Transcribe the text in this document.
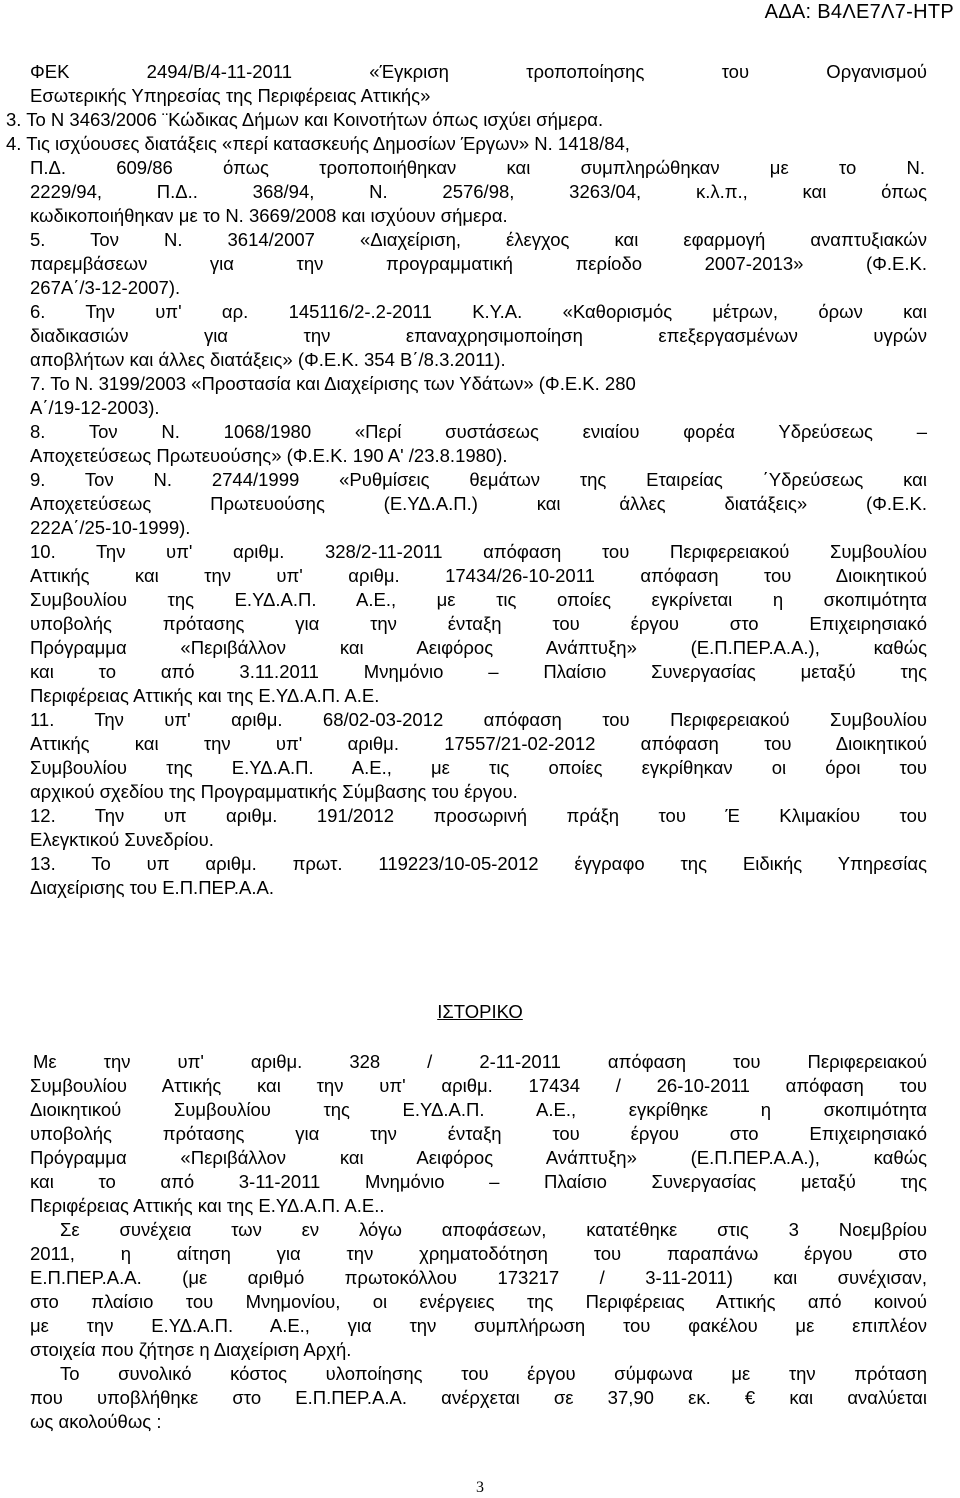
ΑΔΑ: Β4ΛΕ7Λ7-ΗΤΡ
ΦΕΚ 2494/Β/4-11-2011 «Έγκριση τροποποίησης του Οργανισμού
Εσωτερικής Υπηρεσίας της Περιφέρειας Αττικής»
3. Το Ν 3463/2006 ¨Κώδικας Δήμων και Κοινοτήτων όπως ισχύει σήμερα.
4. Τις ισχύουσες διατάξεις «περί κατασκευής Δημοσίων Έργων» Ν. 1418/84,
Π.Δ. 609/86 όπως τροποποιήθηκαν και συμπληρώθηκαν με το Ν.
2229/94, Π.Δ.. 368/94, Ν. 2576/98, 3263/04, κ.λ.π., και όπως
κωδικοποιήθηκαν με το Ν. 3669/2008 και ισχύουν σήμερα.
5. Τον Ν. 3614/2007 «Διαχείριση, έλεγχος και εφαρμογή αναπτυξιακών
παρεμβάσεων για την προγραμματική περίοδο 2007-2013» (Φ.Ε.Κ.
267Α΄/3-12-2007).
6. Την υπ' αρ. 145116/2-.2-2011 Κ.Υ.Α. «Καθορισμός μέτρων, όρων και
διαδικασιών για την επαναχρησιμοποίηση επεξεργασμένων υγρών
αποβλήτων και άλλες διατάξεις» (Φ.Ε.Κ. 354 Β΄/8.3.2011).
7. Το Ν. 3199/2003 «Προστασία και Διαχείρισης των Υδάτων» (Φ.Ε.Κ. 280
Α΄/19-12-2003).
8. Τον Ν. 1068/1980 «Περί συστάσεως ενιαίου φορέα Υδρεύσεως –
Αποχετεύσεως Πρωτευούσης» (Φ.Ε.Κ. 190 Α' /23.8.1980).
9. Τον Ν. 2744/1999 «Ρυθμίσεις θεμάτων της Εταιρείας ΄Υδρεύσεως και
Αποχετεύσεως Πρωτευούσης (Ε.ΥΔ.Α.Π.) και άλλες διατάξεις» (Φ.Ε.Κ.
222Α΄/25-10-1999).
10. Την υπ' αριθμ. 328/2-11-2011 απόφαση του Περιφερειακού Συμβουλίου
Αττικής και την υπ' αριθμ. 17434/26-10-2011 απόφαση του Διοικητικού
Συμβουλίου της Ε.ΥΔ.Α.Π. Α.Ε., με τις οποίες εγκρίνεται η σκοπιμότητα
υποβολής πρότασης για την ένταξη του έργου στο Επιχειρησιακό
Πρόγραμμα «Περιβάλλον και Αειφόρος Ανάπτυξη» (Ε.Π.ΠΕΡ.Α.Α.), καθώς
και το από 3.11.2011 Μνημόνιο – Πλαίσιο Συνεργασίας μεταξύ της
Περιφέρειας Αττικής και της Ε.ΥΔ.Α.Π. Α.Ε.
11. Την υπ' αριθμ. 68/02-03-2012 απόφαση του Περιφερειακού Συμβουλίου
Αττικής και την υπ' αριθμ. 17557/21-02-2012 απόφαση του Διοικητικού
Συμβουλίου της Ε.ΥΔ.Α.Π. Α.Ε., με τις οποίες εγκρίθηκαν οι όροι του
αρχικού σχεδίου της Προγραμματικής Σύμβασης του έργου.
12. Την υπ αριθμ. 191/2012 προσωρινή πράξη του Έ Κλιμακίου του
Ελεγκτικού Συνεδρίου.
13. Το υπ αριθμ. πρωτ. 119223/10-05-2012 έγγραφο της Ειδικής Υπηρεσίας
Διαχείρισης του Ε.Π.ΠΕΡ.Α.Α.
ΙΣΤΟΡΙΚΟ
Με την υπ' αριθμ. 328 / 2-11-2011 απόφαση του Περιφερειακού
Συμβουλίου Αττικής και την υπ' αριθμ. 17434 / 26-10-2011 απόφαση του
Διοικητικού Συμβουλίου της Ε.ΥΔ.Α.Π. Α.Ε., εγκρίθηκε η σκοπιμότητα
υποβολής πρότασης για την ένταξη του έργου στο Επιχειρησιακό
Πρόγραμμα «Περιβάλλον και Αειφόρος Ανάπτυξη» (Ε.Π.ΠΕΡ.Α.Α.), καθώς
και το από 3-11-2011 Μνημόνιο – Πλαίσιο Συνεργασίας μεταξύ της
Περιφέρειας Αττικής και της Ε.ΥΔ.Α.Π. Α.Ε..
Σε συνέχεια των εν λόγω αποφάσεων, κατατέθηκε στις 3 Νοεμβρίου
2011, η αίτηση για την χρηματοδότηση του παραπάνω έργου στο
Ε.Π.ΠΕΡ.Α.Α. (με αριθμό πρωτοκόλλου 173217 / 3-11-2011) και συνέχισαν,
στο πλαίσιο του Μνημονίου, οι ενέργειες της Περιφέρειας Αττικής από κοινού
με την Ε.ΥΔ.Α.Π. Α.Ε., για την συμπλήρωση του φακέλου με επιπλέον
στοιχεία που ζήτησε η Διαχείριση Αρχή.
Το συνολικό κόστος υλοποίησης του έργου σύμφωνα με την πρόταση
που υποβλήθηκε στο Ε.Π.ΠΕΡ.Α.Α. ανέρχεται σε 37,90 εκ. € και αναλύεται
ως ακολούθως :
3
